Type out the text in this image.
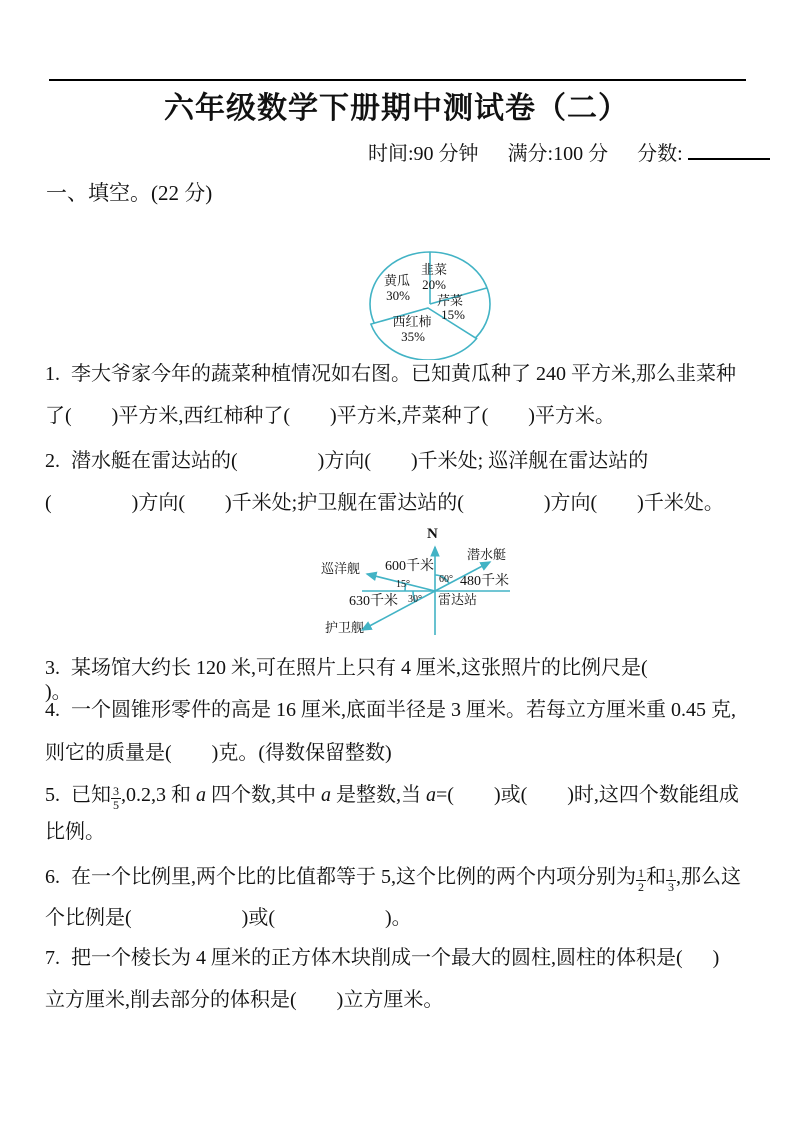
六年级数学下册期中测试卷（二）
时间:90 分钟 满分:100 分 分数:
一、填空。(22 分)
韭菜
20%
芹菜
15%
西红柿
35%
黄瓜
30%
1. 李大爷家今年的蔬菜种植情况如右图。已知黄瓜种了 240 平方米,那么韭菜种
了(        )平方米,西红柿种了(        )平方米,芹菜种了(        )平方米。
2. 潜水艇在雷达站的(                )方向(        )千米处; 巡洋舰在雷达站的
(                )方向(        )千米处;护卫舰在雷达站的(                )方向(        )千米处。
N
潜水艇
480千米
60°
巡洋舰 600千米
15°
30°
630千米	雷达站
护卫舰
3. 某场馆大约长 120 米,可在照片上只有 4 厘米,这张照片的比例尺是(                )。
4. 一个圆锥形零件的高是 16 厘米,底面半径是 3 厘米。若每立方厘米重 0.45 克,
则它的质量是(        )克。(得数保留整数)
5. 已知 $\frac{3}{5} ,0.2,3$ 和 a 四个数,其中 a 是整数,当 a=(        )或(        )时,这四个数能组成
比例。
6. 在一个比例里,两个比的比值都等于 5,这个比例的两个内项分别为 $\frac{1}{2}$ 和 $\frac{1}{3}$ ,那么这
个比例是(                      )或(                      )。
7. 把一个棱长为 4 厘米的正方体木块削成一个最大的圆柱,圆柱的体积是(      )
立方厘米,削去部分的体积是(        )立方厘米。
